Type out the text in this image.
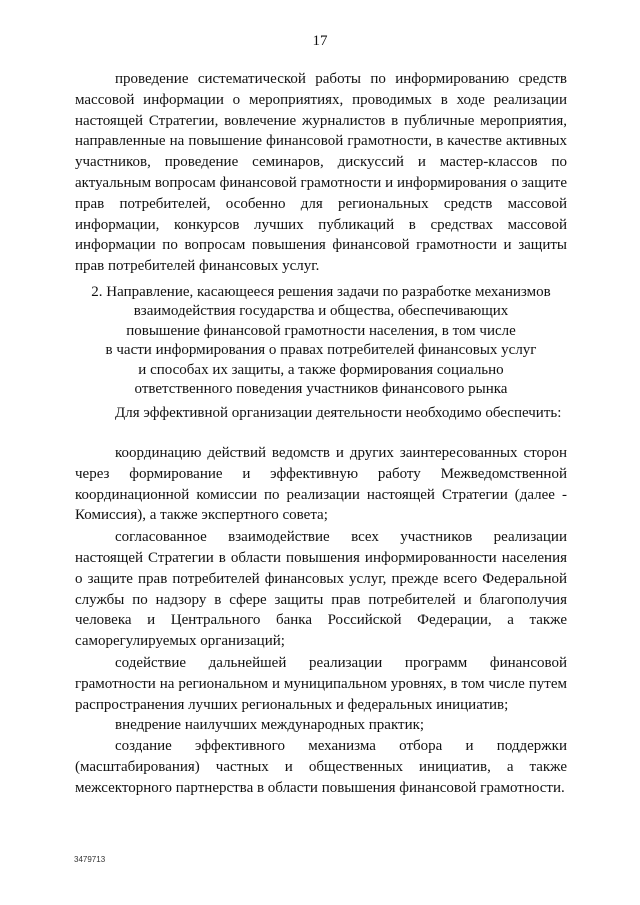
17

проведение систематической работы по информированию средств массовой информации о мероприятиях, проводимых в ходе реализации настоящей Стратегии, вовлечение журналистов в публичные мероприятия, направленные на повышение финансовой грамотности, в качестве активных участников, проведение семинаров, дискуссий и мастер-классов по актуальным вопросам финансовой грамотности и информирования о защите прав потребителей, особенно для региональных средств массовой информации, конкурсов лучших публикаций в средствах массовой информации по вопросам повышения финансовой грамотности и защиты прав потребителей финансовых услуг.

2. Направление, касающееся решения задачи по разработке механизмов
взаимодействия государства и общества, обеспечивающих
повышение финансовой грамотности населения, в том числе
в части информирования о правах потребителей финансовых услуг
и способах их защиты, а также формирования социально
ответственного поведения участников финансового рынка

Для эффективной организации деятельности необходимо обеспечить:

координацию действий ведомств и других заинтересованных сторон через формирование и эффективную работу Межведомственной координационной комиссии по реализации настоящей Стратегии (далее - Комиссия), а также экспертного совета;
согласованное взаимодействие всех участников реализации настоящей Стратегии в области повышения информированности населения о защите прав потребителей финансовых услуг, прежде всего Федеральной службы по надзору в сфере защиты прав потребителей и благополучия человека и Центрального банка Российской Федерации, а также саморегулируемых организаций;
содействие дальнейшей реализации программ финансовой грамотности на региональном и муниципальном уровнях, в том числе путем распространения лучших региональных и федеральных инициатив;
внедрение наилучших международных практик;
создание эффективного механизма отбора и поддержки (масштабирования) частных и общественных инициатив, а также межсекторного партнерства в области повышения финансовой грамотности.
3479713
